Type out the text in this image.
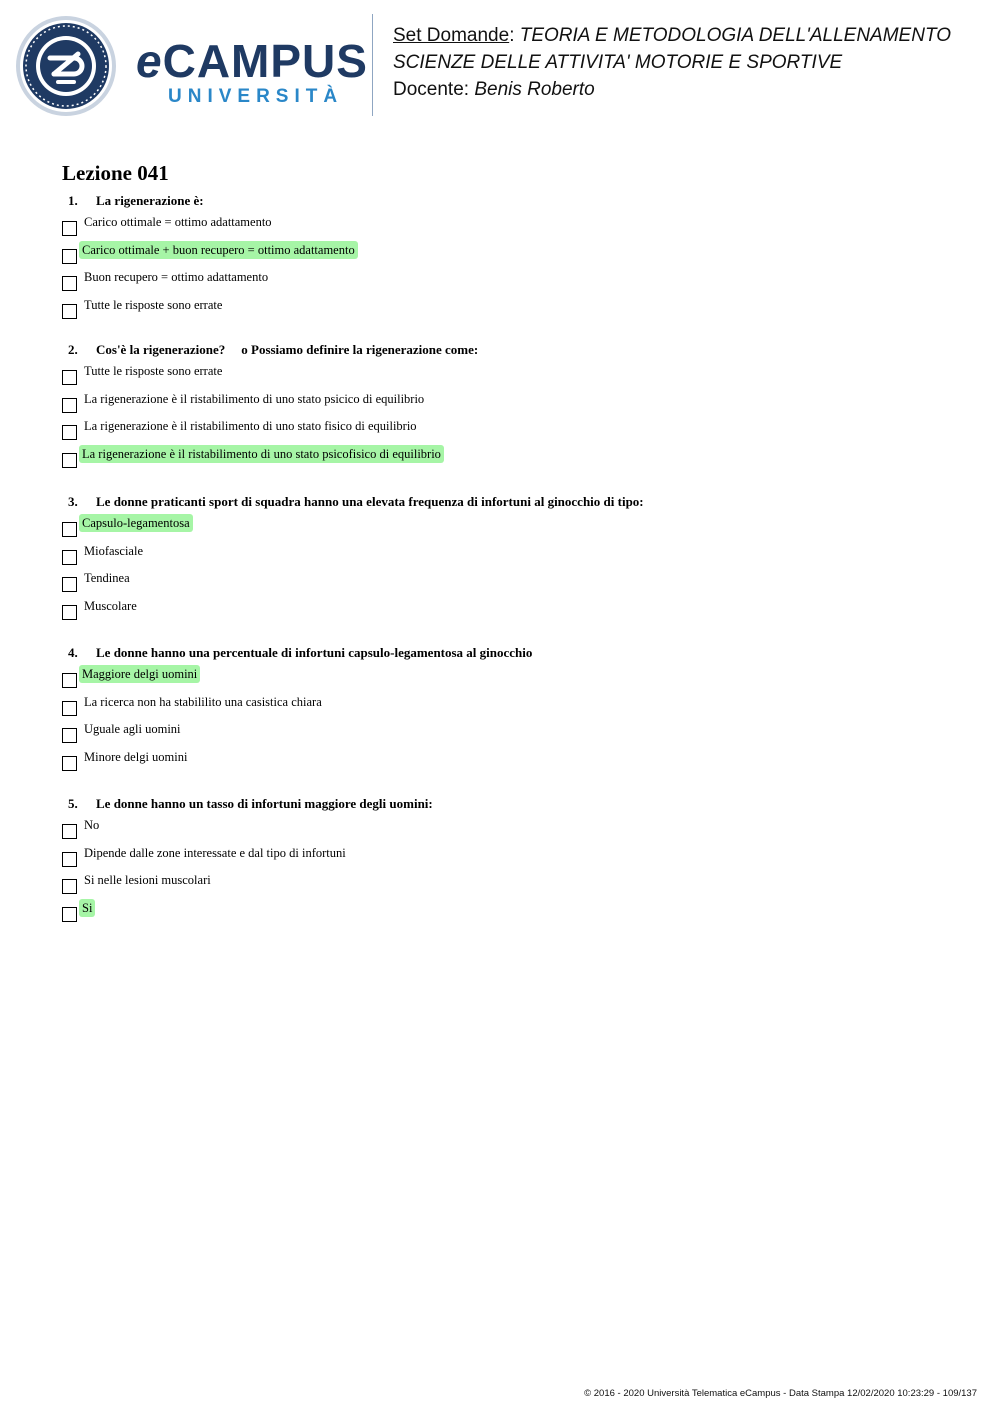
eCAMPUS
UNIVERSITÀ
Set Domande: TEORIA E METODOLOGIA DELL'ALLENAMENTO
SCIENZE DELLE ATTIVITA' MOTORIE E SPORTIVE
Docente: Benis Roberto
Lezione 041
1. La rigenerazione è:
Carico ottimale = ottimo adattamento
Carico ottimale + buon recupero = ottimo adattamento
Buon recupero = ottimo adattamento
Tutte le risposte sono errate
2. Cos'è la rigenerazione? o Possiamo definire la rigenerazione come:
Tutte le risposte sono errate
La rigenerazione è il ristabilimento di uno stato psicico di equilibrio
La rigenerazione è il ristabilimento di uno stato fisico di equilibrio
La rigenerazione è il ristabilimento di uno stato psicofisico di equilibrio
3. Le donne praticanti sport di squadra hanno una elevata frequenza di infortuni al ginocchio di tipo:
Capsulo-legamentosa
Miofasciale
Tendinea
Muscolare
4. Le donne hanno una percentuale di infortuni capsulo-legamentosa al ginocchio
Maggiore delgi uomini
La ricerca non ha stabililito una casistica chiara
Uguale agli uomini
Minore delgi uomini
5. Le donne hanno un tasso di infortuni maggiore degli uomini:
No
Dipende dalle zone interessate e dal tipo di infortuni
Si nelle lesioni muscolari
Si
© 2016 - 2020 Università Telematica eCampus - Data Stampa 12/02/2020 10:23:29 - 109/137
